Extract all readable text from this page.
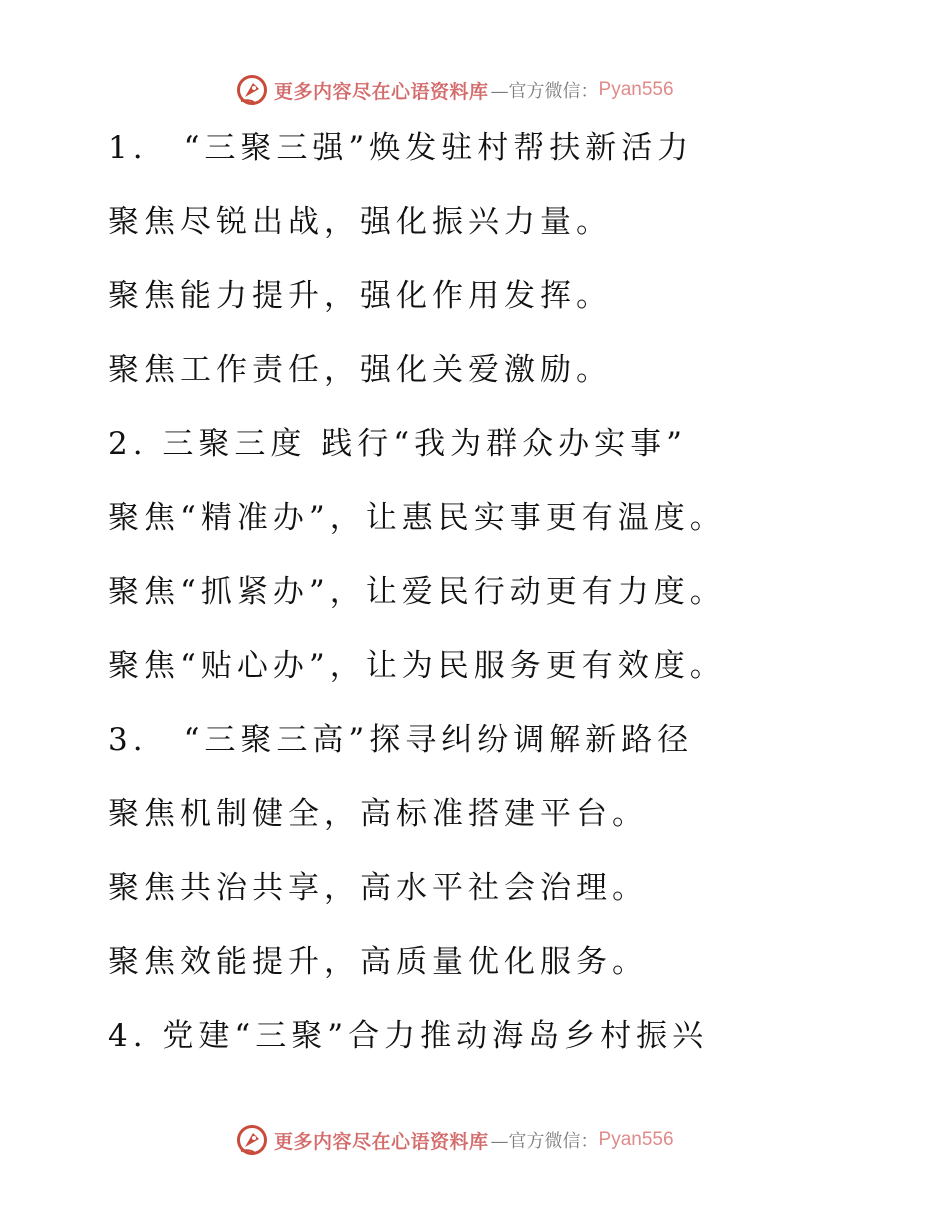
更多内容尽在心语资料库 —官方微信： Pyan556
1.　“三聚三强”焕发驻村帮扶新活力
聚焦尽锐出战，强化振兴力量。
聚焦能力提升，强化作用发挥。
聚焦工作责任，强化关爱激励。
2. 三聚三度 践行“我为群众办实事”
聚焦“精准办”，让惠民实事更有温度。
聚焦“抓紧办”，让爱民行动更有力度。
聚焦“贴心办”，让为民服务更有效度。
3.　“三聚三高”探寻纠纷调解新路径
聚焦机制健全，高标准搭建平台。
聚焦共治共享，高水平社会治理。
聚焦效能提升，高质量优化服务。
4. 党建“三聚”合力推动海岛乡村振兴
更多内容尽在心语资料库 —官方微信： Pyan556
